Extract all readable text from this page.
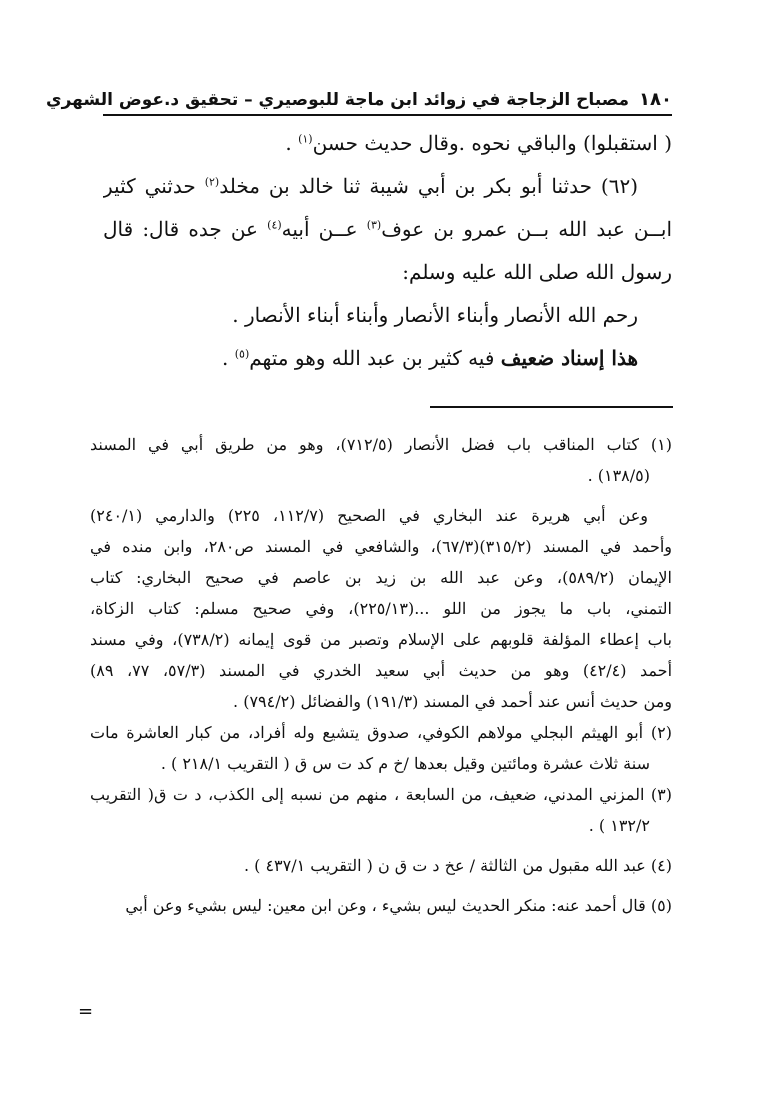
١٨٠
مصباح الزجاجة في زوائد ابن ماجة للبوصيري – تحقيق د.عوض الشهري
( استقبلوا) والباقي نحوه .وقال حديث حسن$^{(١)}$ .
(٦٢) حدثنا أبو بكر بن أبي شيبة ثنا خالد بن مخلد$^{(٢)}$ حدثني كثير
ابــن عبد الله بــن عمرو بن عوف$^{(٣)}$ عــن أبيه$^{(٤)}$ عن جده قال: قال
رسول الله صلى الله عليه وسلم:
رحم الله الأنصار وأبناء الأنصار وأبناء أبناء الأنصار .
هذا إسناد ضعيف فيه كثير بن عبد الله وهو متهم$^{(٥)}$ .
(١) كتاب المناقب باب فضل الأنصار (٧١٢/٥)، وهو من طريق أبي في المسند
(١٣٨/٥) .
وعن أبي هريرة عند البخاري في الصحيح (١١٢/٧، ٢٢٥) والدارمي (٢٤٠/١)
وأحمد في المسند (٣١٥/٢)(٦٧/٣)، والشافعي في المسند ص٢٨٠، وابن منده في
الإيمان (٥٨٩/٢)، وعن عبد الله بن زيد بن عاصم في صحيح البخاري: كتاب
التمني، باب ما يجوز من اللو ...(٢٢٥/١٣)، وفي صحيح مسلم: كتاب الزكاة،
باب إعطاء المؤلفة قلوبهم على الإسلام وتصبر من قوى إيمانه (٧٣٨/٢)، وفي مسند
أحمد (٤٢/٤) وهو من حديث أبي سعيد الخدري في المسند (٥٧/٣، ٧٧، ٨٩)
ومن حديث أنس عند أحمد في المسند (١٩١/٣) والفضائل (٧٩٤/٢) .
(٢) أبو الهيثم البجلي مولاهم الكوفي، صدوق يتشيع وله أفراد، من كبار العاشرة مات
سنة ثلاث عشرة ومائتين وقيل بعدها /خ م كد ت س ق ( التقريب ٢١٨/١ ) .
(٣) المزني المدني، ضعيف، من السابعة ، منهم من نسبه إلى الكذب، د ت ق( التقريب
١٣٢/٢ ) .
(٤) عبد الله مقبول من الثالثة / عخ د ت ق ن ( التقريب ٤٣٧/١ ) .
(٥) قال أحمد عنه: منكر الحديث ليس بشيء ، وعن ابن معين: ليس بشيء وعن أبي
=
